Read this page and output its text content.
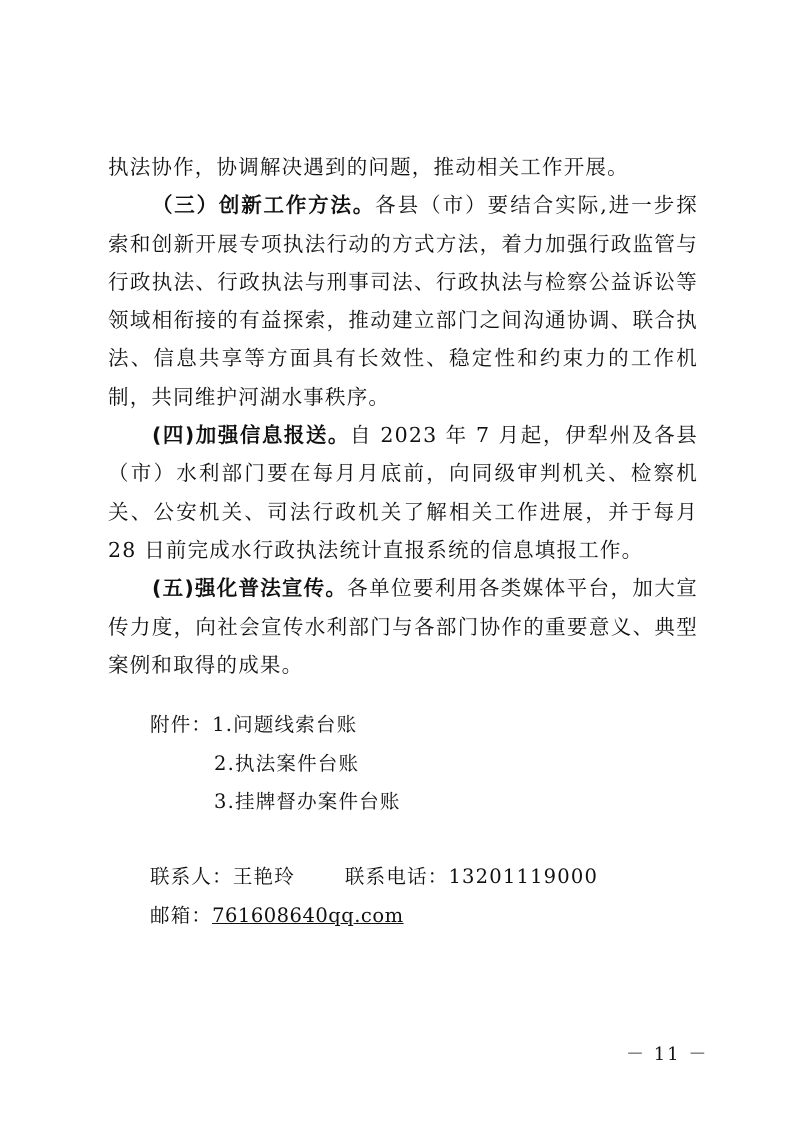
执法协作，协调解决遇到的问题，推动相关工作开展。

（三）创新工作方法。各县（市）要结合实际,进一步探索和创新开展专项执法行动的方式方法，着力加强行政监管与行政执法、行政执法与刑事司法、行政执法与检察公益诉讼等领域相衔接的有益探索，推动建立部门之间沟通协调、联合执法、信息共享等方面具有长效性、稳定性和约束力的工作机制，共同维护河湖水事秩序。

(四)加强信息报送。自 2023 年 7 月起，伊犁州及各县（市）水利部门要在每月月底前，向同级审判机关、检察机关、公安机关、司法行政机关了解相关工作进展，并于每月 28 日前完成水行政执法统计直报系统的信息填报工作。

(五)强化普法宣传。各单位要利用各类媒体平台，加大宣传力度，向社会宣传水利部门与各部门协作的重要意义、典型案例和取得的成果。

附件：1.问题线索台账
2.执法案件台账
3.挂牌督办案件台账
联系人：王艳玲	联系电话：13201119000
邮箱：761608640qq.com
－ 11 －
